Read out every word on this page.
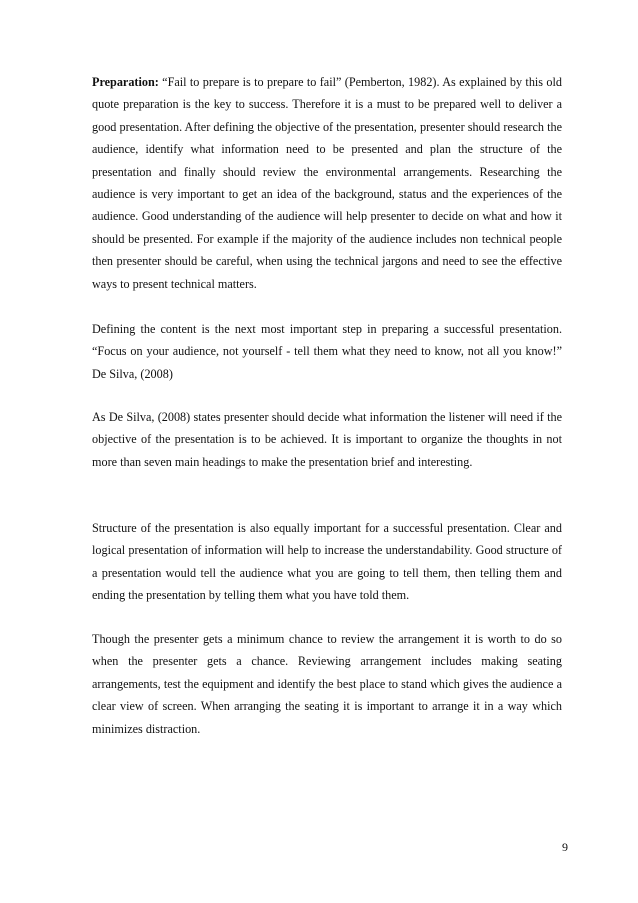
Preparation: “Fail to prepare is to prepare to fail” (Pemberton, 1982). As explained by this old quote preparation is the key to success. Therefore it is a must to be prepared well to deliver a good presentation. After defining the objective of the presentation, presenter should research the audience, identify what information need to be presented and plan the structure of the presentation and finally should review the environmental arrangements. Researching the audience is very important to get an idea of the background, status and the experiences of the audience. Good understanding of the audience will help presenter to decide on what and how it should be presented. For example if the majority of the audience includes non technical people then presenter should be careful, when using the technical jargons and need to see the effective ways to present technical matters.

Defining the content is the next most important step in preparing a successful presentation. “Focus on your audience, not yourself - tell them what they need to know, not all you know!” De Silva, (2008)

As De Silva, (2008) states presenter should decide what information the listener will need if the objective of the presentation is to be achieved. It is important to organize the thoughts in not more than seven main headings to make the presentation brief and interesting.

Structure of the presentation is also equally important for a successful presentation. Clear and logical presentation of information will help to increase the understandability. Good structure of a presentation would tell the audience what you are going to tell them, then telling them and ending the presentation by telling them what you have told them.

Though the presenter gets a minimum chance to review the arrangement it is worth to do so when the presenter gets a chance. Reviewing arrangement includes making seating arrangements, test the equipment and identify the best place to stand which gives the audience a clear view of screen. When arranging the seating it is important to arrange it in a way which minimizes distraction.

9
